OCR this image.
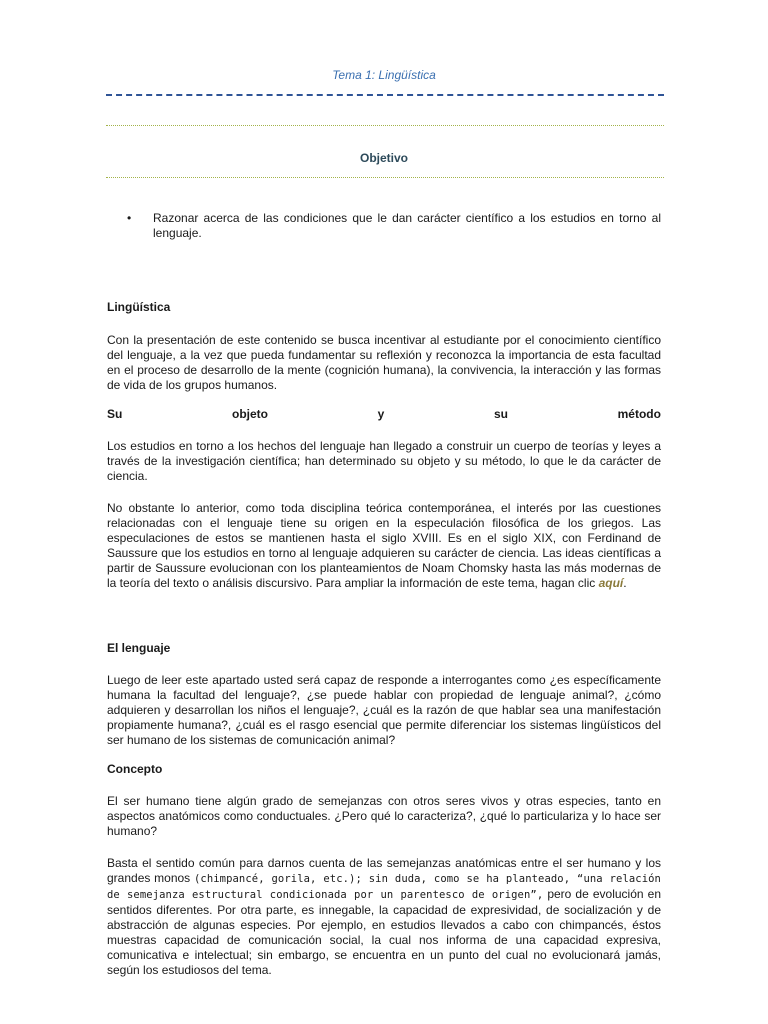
Tema 1: Lingüística
Objetivo
• Razonar acerca de las condiciones que le dan carácter científico a los estudios en torno al lenguaje.
Lingüística

Con la presentación de este contenido se busca incentivar al estudiante por el conocimiento científico del lenguaje, a la vez que pueda fundamentar su reflexión y reconozca la importancia de esta facultad en el proceso de desarrollo de la mente (cognición humana), la convivencia, la interacción y las formas de vida de los grupos humanos.

Su	objeto	y	su	método

Los estudios en torno a los hechos del lenguaje han llegado a construir un cuerpo de teorías y leyes a través de la investigación científica; han determinado su objeto y su método, lo que le da carácter de ciencia.

No obstante lo anterior, como toda disciplina teórica contemporánea, el interés por las cuestiones relacionadas con el lenguaje tiene su origen en la especulación filosófica de los griegos. Las especulaciones de estos se mantienen hasta el siglo XVIII. Es en el siglo XIX, con Ferdinand de Saussure que los estudios en torno al lenguaje adquieren su carácter de ciencia. Las ideas científicas a partir de Saussure evolucionan con los planteamientos de Noam Chomsky hasta las más modernas de la teoría del texto o análisis discursivo. Para ampliar la información de este tema, hagan clic aquí.

El lenguaje

Luego de leer este apartado usted será capaz de responde a interrogantes como ¿es específicamente humana la facultad del lenguaje?, ¿se puede hablar con propiedad de lenguaje animal?, ¿cómo adquieren y desarrollan los niños el lenguaje?, ¿cuál es la razón de que hablar sea una manifestación propiamente humana?, ¿cuál es el rasgo esencial que permite diferenciar los sistemas lingüísticos del ser humano de los sistemas de comunicación animal?

Concepto

El ser humano tiene algún grado de semejanzas con otros seres vivos y otras especies, tanto en aspectos anatómicos como conductuales. ¿Pero qué lo caracteriza?, ¿qué lo particulariza y lo hace ser humano?

Basta el sentido común para darnos cuenta de las semejanzas anatómicas entre el ser humano y los grandes monos (chimpancé, gorila, etc.); sin duda, como se ha planteado, “una relación de semejanza estructural condicionada por un parentesco de origen”, pero de evolución en sentidos diferentes. Por otra parte, es innegable, la capacidad de expresividad, de socialización y de abstracción de algunas especies. Por ejemplo, en estudios llevados a cabo con chimpancés, éstos muestras capacidad de comunicación social, la cual nos informa de una capacidad expresiva, comunicativa e intelectual; sin embargo, se encuentra en un punto del cual no evolucionará jamás, según los estudiosos del tema.
